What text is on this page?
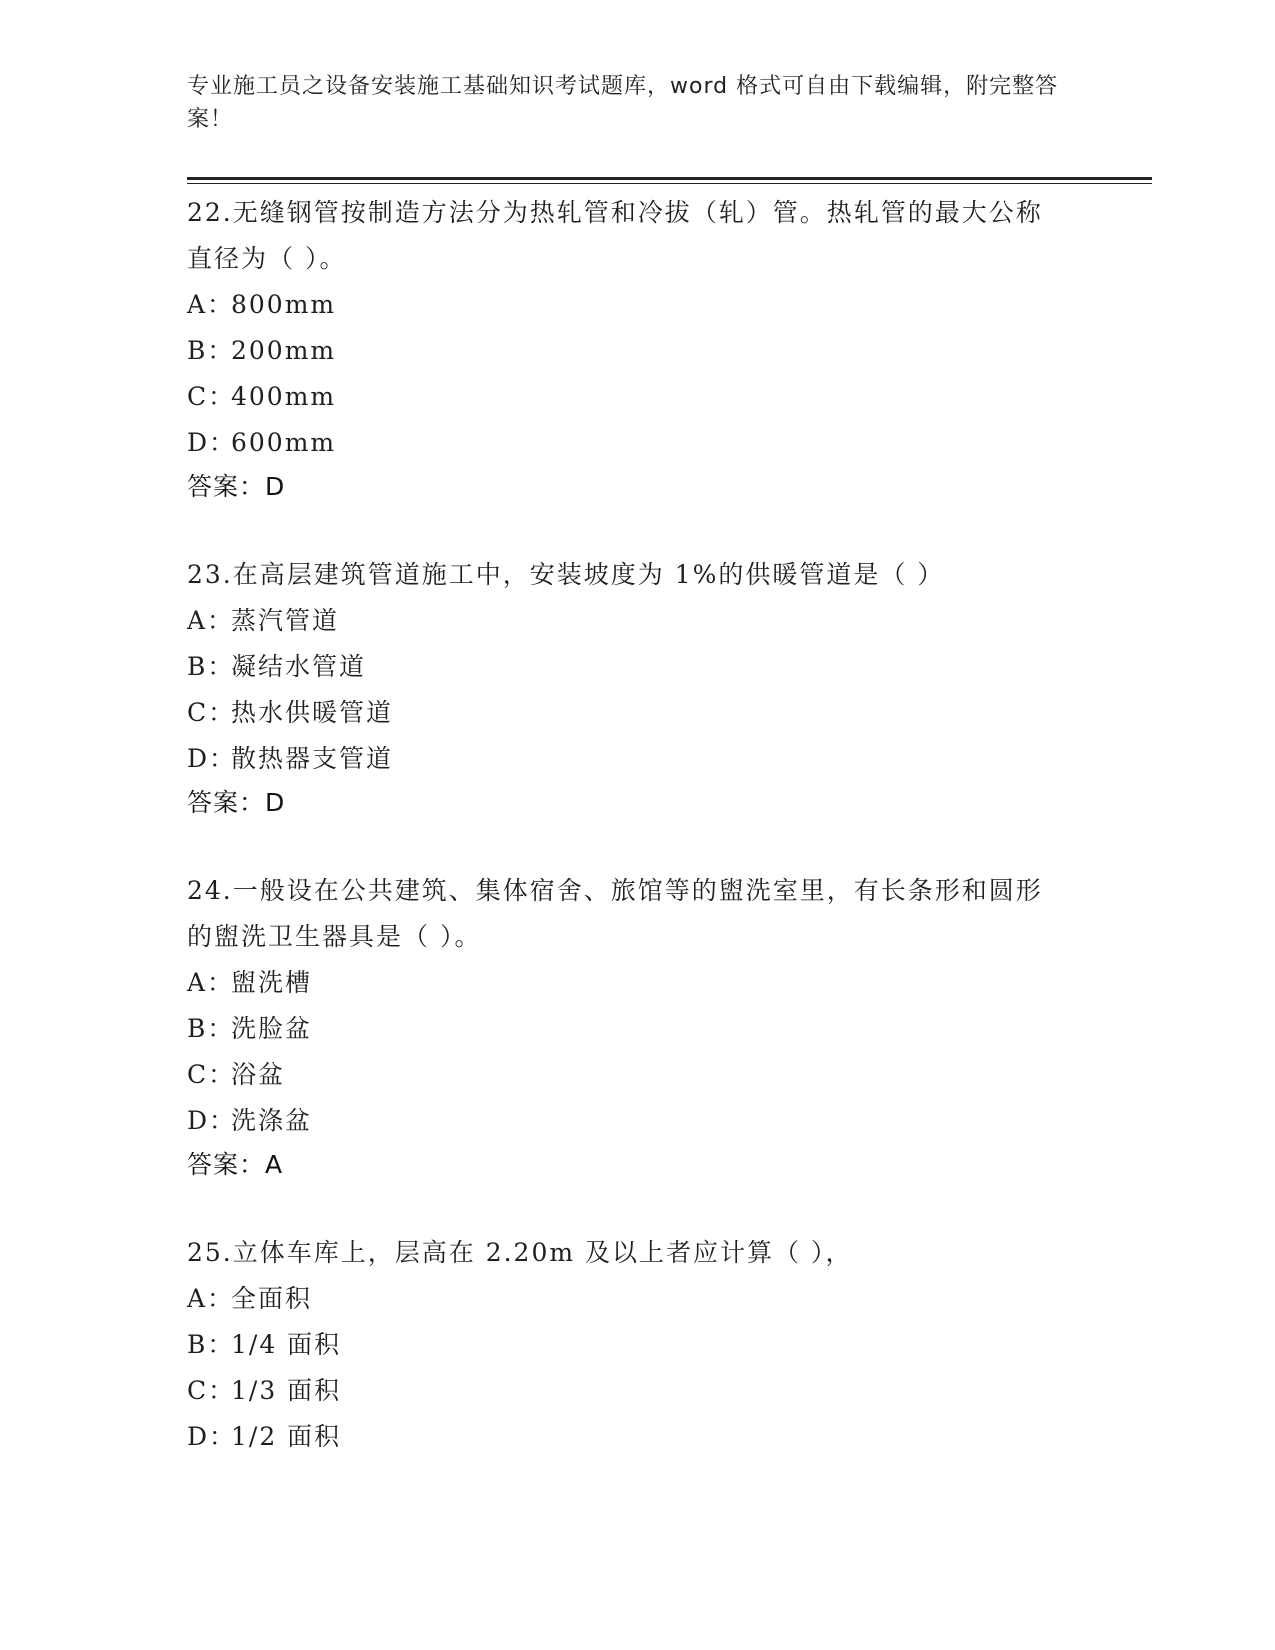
专业施工员之设备安装施工基础知识考试题库，word 格式可自由下载编辑，附完整答案！

22.无缝钢管按制造方法分为热轧管和冷拔（轧）管。热轧管的最大公称直径为（ ）。

A：800mm

B：200mm

C：400mm

D：600mm

答案：D

23.在高层建筑管道施工中，安装坡度为 1%的供暖管道是（ ）

A：蒸汽管道

B：凝结水管道

C：热水供暖管道

D：散热器支管道

答案：D

24.一般设在公共建筑、集体宿舍、旅馆等的盥洗室里，有长条形和圆形的盥洗卫生器具是（ ）。

A：盥洗槽

B：洗脸盆

C：浴盆

D：洗涤盆

答案：A

25.立体车库上，层高在 2.20m 及以上者应计算（ ），

A：全面积

B：1/4 面积

C：1/3 面积

D：1/2 面积
